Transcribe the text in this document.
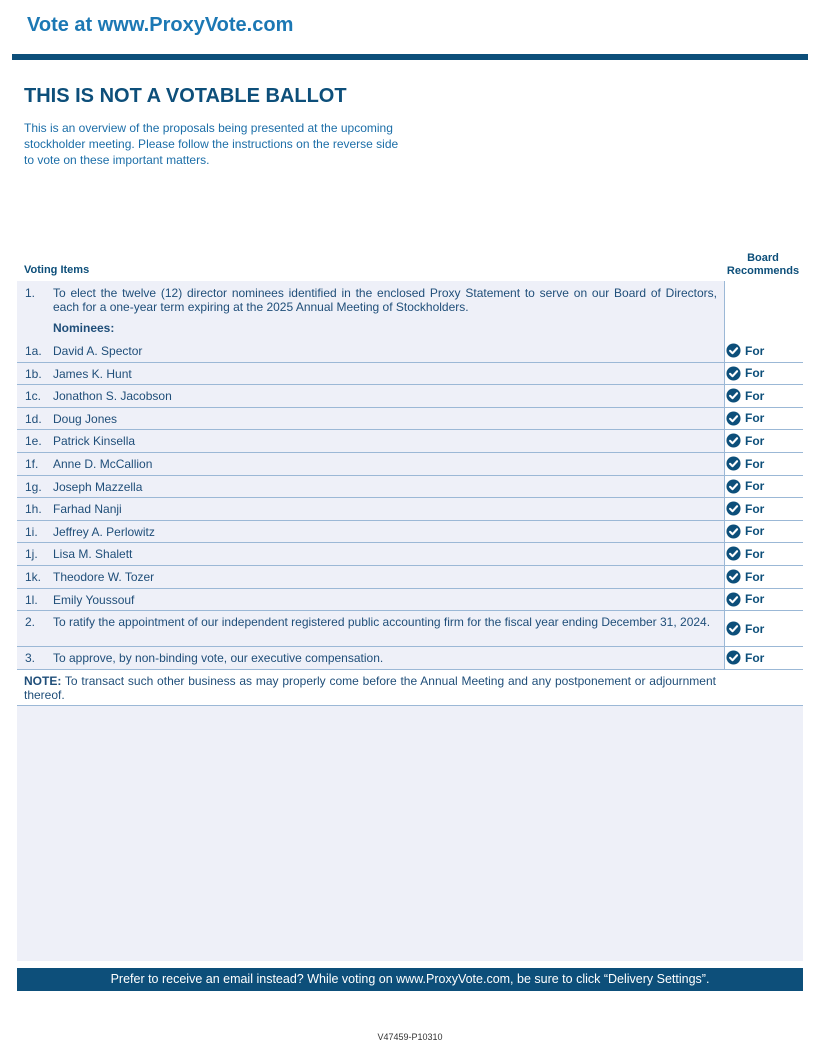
Vote at www.ProxyVote.com
THIS IS NOT A VOTABLE BALLOT
This is an overview of the proposals being presented at the upcoming stockholder meeting. Please follow the instructions on the reverse side to vote on these important matters.
Voting Items
Board
Recommends
1. To elect the twelve (12) director nominees identified in the enclosed Proxy Statement to serve on our Board of Directors, each for a one-year term expiring at the 2025 Annual Meeting of Stockholders.
Nominees:
1a. David A. Spector	For
1b. James K. Hunt	For
1c. Jonathon S. Jacobson	For
1d. Doug Jones	For
1e. Patrick Kinsella	For
1f. Anne D. McCallion	For
1g. Joseph Mazzella	For
1h. Farhad Nanji	For
1i. Jeffrey A. Perlowitz	For
1j. Lisa M. Shalett	For
1k. Theodore W. Tozer	For
1l. Emily Youssouf	For
2. To ratify the appointment of our independent registered public accounting firm for the fiscal year ending December 31, 2024.	For
3. To approve, by non-binding vote, our executive compensation.	For
NOTE: To transact such other business as may properly come before the Annual Meeting and any postponement or adjournment thereof.
Prefer to receive an email instead? While voting on www.ProxyVote.com, be sure to click “Delivery Settings”.
V47459-P10310
